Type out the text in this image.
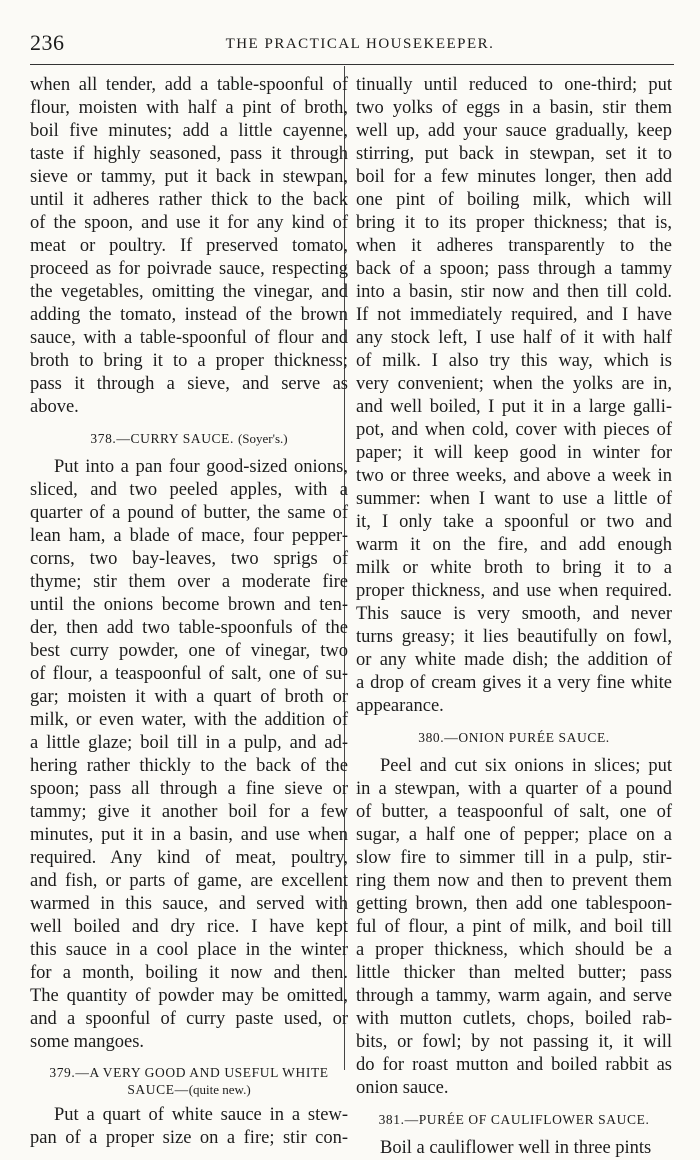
236	THE PRACTICAL HOUSEKEEPER.
when all tender, add a table-spoonful of
flour, moisten with half a pint of broth,
boil five minutes; add a little cayenne,
taste if highly seasoned, pass it through
sieve or tammy, put it back in stewpan,
until it adheres rather thick to the back
of the spoon, and use it for any kind of
meat or poultry. If preserved tomato,
proceed as for poivrade sauce, respecting
the vegetables, omitting the vinegar, and
adding the tomato, instead of the brown
sauce, with a table-spoonful of flour and
broth to bring it to a proper thickness;
pass it through a sieve, and serve as
above.
378.—CURRY SAUCE. (Soyer's.)
Put into a pan four good-sized onions,
sliced, and two peeled apples, with a
quarter of a pound of butter, the same of
lean ham, a blade of mace, four pepper-
corns, two bay-leaves, two sprigs of
thyme; stir them over a moderate fire
until the onions become brown and ten-
der, then add two table-spoonfuls of the
best curry powder, one of vinegar, two
of flour, a teaspoonful of salt, one of su-
gar; moisten it with a quart of broth or
milk, or even water, with the addition of
a little glaze; boil till in a pulp, and ad-
hering rather thickly to the back of the
spoon; pass all through a fine sieve or
tammy; give it another boil for a few
minutes, put it in a basin, and use when
required. Any kind of meat, poultry,
and fish, or parts of game, are excellent
warmed in this sauce, and served with
well boiled and dry rice. I have kept
this sauce in a cool place in the winter
for a month, boiling it now and then.
The quantity of powder may be omitted,
and a spoonful of curry paste used, or
some mangoes.
379.—A VERY GOOD AND USEFUL WHITE
SAUCE—(quite new.)
Put a quart of white sauce in a stew-
pan of a proper size on a fire; stir con-
tinually until reduced to one-third; put
two yolks of eggs in a basin, stir them
well up, add your sauce gradually, keep
stirring, put back in stewpan, set it to
boil for a few minutes longer, then add
one pint of boiling milk, which will
bring it to its proper thickness; that is,
when it adheres transparently to the
back of a spoon; pass through a tammy
into a basin, stir now and then till cold.
If not immediately required, and I have
any stock left, I use half of it with half
of milk. I also try this way, which is
very convenient; when the yolks are in,
and well boiled, I put it in a large galli-
pot, and when cold, cover with pieces of
paper; it will keep good in winter for
two or three weeks, and above a week in
summer: when I want to use a little of
it, I only take a spoonful or two and
warm it on the fire, and add enough
milk or white broth to bring it to a
proper thickness, and use when required.
This sauce is very smooth, and never
turns greasy; it lies beautifully on fowl,
or any white made dish; the addition of
a drop of cream gives it a very fine white
appearance.
380.—ONION PURÉE SAUCE.
Peel and cut six onions in slices; put
in a stewpan, with a quarter of a pound
of butter, a teaspoonful of salt, one of
sugar, a half one of pepper; place on a
slow fire to simmer till in a pulp, stir-
ring them now and then to prevent them
getting brown, then add one tablespoon-
ful of flour, a pint of milk, and boil till
a proper thickness, which should be a
little thicker than melted butter; pass
through a tammy, warm again, and serve
with mutton cutlets, chops, boiled rab-
bits, or fowl; by not passing it, it will
do for roast mutton and boiled rabbit as
onion sauce.
381.—PURÉE OF CAULIFLOWER SAUCE.
Boil a cauliflower well in three pints
